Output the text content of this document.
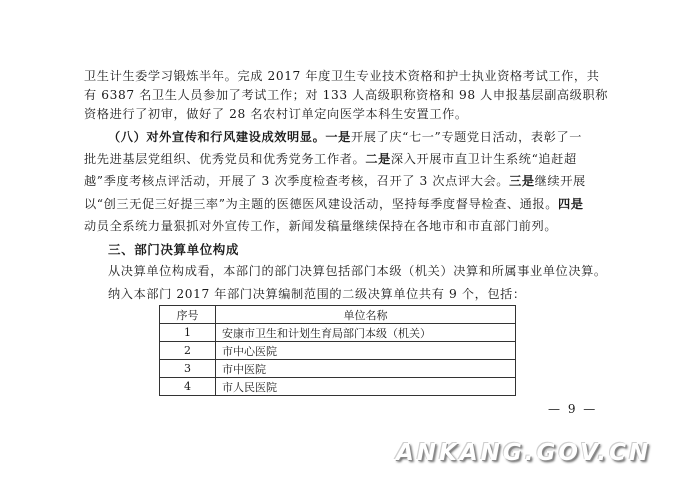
卫生计生委学习锻炼半年。完成 2017 年度卫生专业技术资格和护士执业资格考试工作，共
有 6387 名卫生人员参加了考试工作；对 133 人高级职称资格和 98 人申报基层副高级职称
资格进行了初审，做好了 28 名农村订单定向医学本科生安置工作。
（八）对外宣传和行风建设成效明显。一是开展了庆“七一”专题党日活动，表彰了一
批先进基层党组织、优秀党员和优秀党务工作者。二是深入开展市直卫计生系统“追赶超
越”季度考核点评活动，开展了 3 次季度检查考核，召开了 3 次点评大会。三是继续开展
以“创三无促三好提三率”为主题的医德医风建设活动，坚持每季度督导检查、通报。四是
动员全系统力量狠抓对外宣传工作，新闻发稿量继续保持在各地市和市直部门前列。
三、部门决算单位构成
从决算单位构成看，本部门的部门决算包括部门本级（机关）决算和所属事业单位决算。
纳入本部门 2017 年部门决算编制范围的二级决算单位共有 9 个，包括：
序号	单位名称
1	安康市卫生和计划生育局部门本级（机关）
2	市中心医院
3	市中医院
4	市人民医院
— 9 —
ANKANG.GOV.CN
